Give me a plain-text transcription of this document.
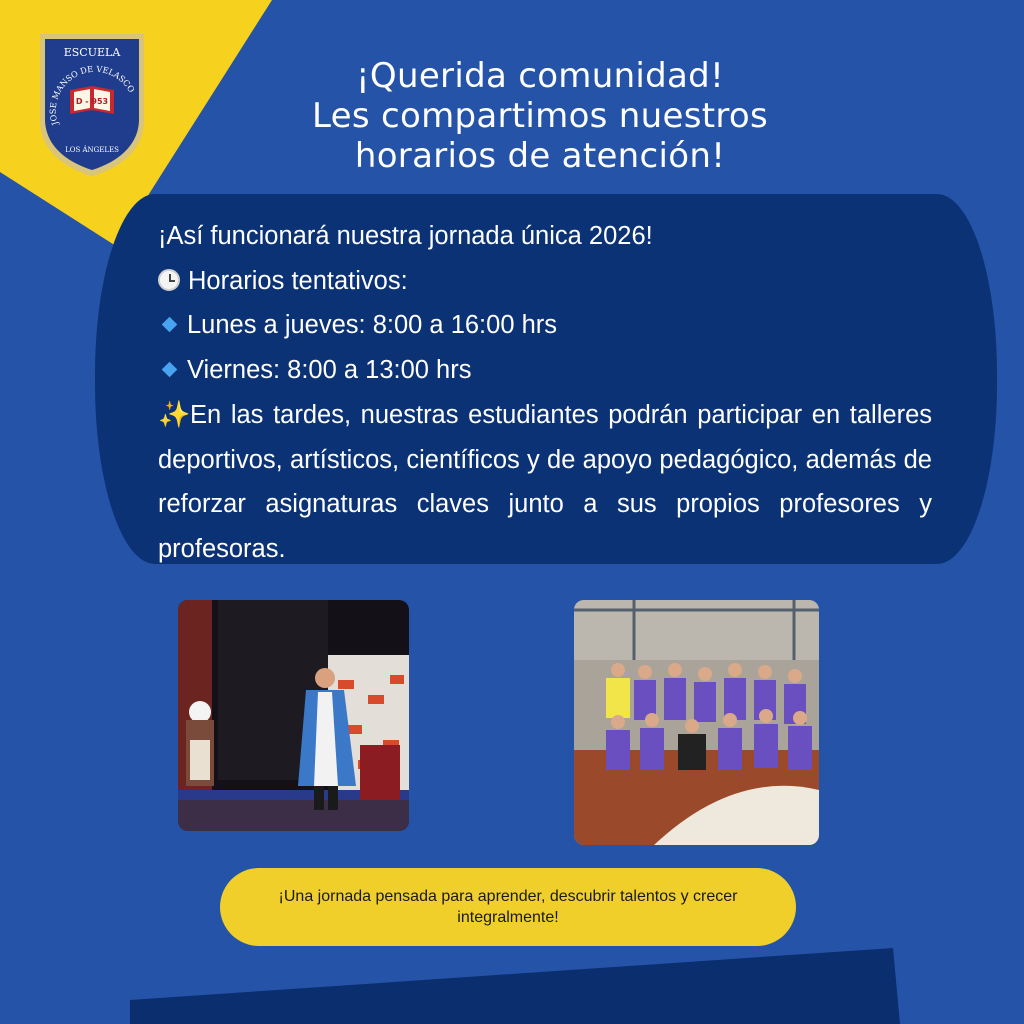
ESCUELA
JOSE MANSO DE VELASCO
D - 953
LOS ÁNGELES
¡Querida comunidad!
Les compartimos nuestros
horarios de atención!
¡Así funcionará nuestra jornada única 2026!
Horarios tentativos:
Lunes a jueves: 8:00 a 16:00 hrs
Viernes: 8:00 a 13:00 hrs
✨En las tardes, nuestras estudiantes podrán participar en talleres deportivos, artísticos, científicos y de apoyo pedagógico, además de reforzar asignaturas claves junto a sus propios profesores y profesoras.
¡Una jornada pensada para aprender, descubrir talentos y crecer integralmente!
